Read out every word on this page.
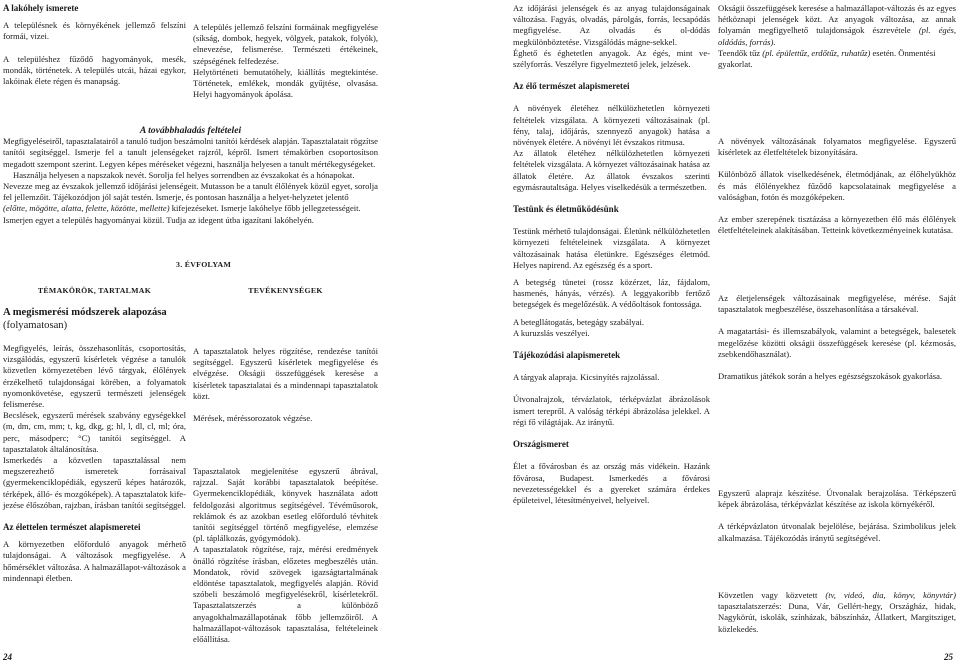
A lakóhely ismerete

A településnek és környékének jellemző felszíni formái, vizei.

A településhez fűződő hagyományok, mesék, mondák, történetek. A település utcái, házai egykor, lakóinak élete régen és manapság.

A település jellemző felszíni formáinak megfigyelése (síkság, dombok, hegyek, völgyek, patakok, folyók), elnevezése, felismerése. Természeti értékeinek, szépségének felfedezése.

Helytörténeti bemutatóhely, kiállítás megtekintése. Történetek, emlékek, mondák gyűjtése, olvasása. Helyi hagyományok ápolása.

A továbbhaladás feltételei

Megfigyeléseiről, tapasztalatairól a tanuló tudjon beszámolni tanítói kérdések alapján. Tapasztalatait rögzítse tanítói segítséggel. Ismerje fel a tanult jelenségeket rajzról, képről. Ismert témakörben csoportosítson megadott szempont szerint. Legyen képes méréseket végezni, használja helyesen a tanult mértékegységeket.

Használja helyesen a napszakok nevét. Sorolja fel helyes sorrendben az évszakokat és a hónapokat.

Nevezze meg az évszakok jellemző időjárási jelenségeit. Mutasson be a tanult élőlények közül egyet, sorolja fel jellemzőit. Tájékozódjon jól saját testén. Ismerje, és pontosan használja a helyet-helyzetet jelentő

(előtte, mögötte, alatta, felette, közötte, mellette) kifejezéseket. Ismerje lakóhelye főbb jellegzetességeit.

Ismerjen egyet a település hagyományai közül. Tudja az idegent útba igazítani lakóhelyén.

3. ÉVFOLYAM

TÉMAKÖRÖK, TARTALMAK	TEVÉKENYSÉGEK

A megismerési módszerek alapozása

(folyamatosan)

Megfigyelés, leírás, összehasonlítás, csoportosítás, vizsgálódás, egyszerű kísérletek végzése a tanulók közvetlen környezetében lévő tárgyak, élőlények érzékelhető tulajdonságai körében, a folyamatok nyomonkövetése, egyszerű természeti jelenségek felismerése.

Becslések, egyszerű mérések szabvány egységekkel (m, dm, cm, mm; t, kg, dkg, g; hl, l, dl, cl, ml; óra, perc, másodperc; °C) tanítói segítséggel. A tapasztalatok általánosítása.

Ismerkedés a közvetlen tapasztalással nem megszerezhető ismeretek forrásaival (gyermekenciklopédiák, egyszerű képes határozók, térképek, álló- és mozgóképek). A tapasztalatok kife-jezése élőszóban, rajzban, írásban tanítói segítséggel.

Az élettelen természet alapismeretei

A környezetben előforduló anyagok mérhető tulajdonságai. A változások megfigyelése. A hőmérséklet változása. A halmazállapot-változások a mindennapi életben.

A tapasztalatok helyes rögzítése, rendezése tanítói segítséggel. Egyszerű kísérletek megfigyelése és elvégzése. Okságii összefüggések keresése a kísérletek tapasztalatai és a mindennapi tapasztalatok közt.

Mérések, méréssorozatok végzése.

Tapasztalatok megjelenítése egyszerű ábrával, rajzzal. Saját korábbi tapasztalatok beépítése. Gyermekenciklopédiák, könyvek használata adott feldolgozási algoritmus segítségével. Tévéműsorok, reklámok és az azokban esetleg előforduló tévhitek tanítói segítséggel történő megfigyelése, elemzése (pl. táplálkozás, gyógymódok).

A tapasztalatok rögzítése, rajz, mérési eredmények önálló rögzítése írásban, előzetes megbeszélés után. Mondatok, rövid szövegek igazságtartalmának eldöntése tapasztalatok, megfigyelés alapján. Rövid szóbeli beszámoló megfigyelésekről, kísérletekről. Tapasztalatszerzés a különböző anyagokhalmazállapotának főbb jellemzőiről. A halmazállapot-változások tapasztalása, feltételeinek előállítása.

24

Az időjárási jelenségek és az anyag tulajdonságainak változása. Fagyás, olvadás, párolgás, forrás, lecsapódás megfigyelése. Az olvadás és ol-dódás megkülönböztetése. Vizsgálódás mágne-sekkel.

Éghető és éghetetlen anyagok. Az égés, mint ve-szélyforrás. Veszélyre figyelmeztető jelek, jelzések.

Az élő természet alapismeretei

A növények életéhez nélkülözhetetlen környezeti feltételek vizsgálata. A környezeti változásainak (pl. fény, talaj, időjárás, szennyező anyagok) hatása a növények életére. A növényi lét évszakos ritmusa.

Az állatok életéhez nélkülözhetetlen környezeti feltételek vizsgálata. A környezet változásainak hatása az állatok életére. Az állatok évszakos szerinti egymásrautaltsága. Helyes viselkedésük a természetben.

Testünk és életműködésünk

Testünk mérhető tulajdonságai. Életünk nélkülözhetetlen környezeti feltételeinek vizsgálata. A környezet változásainak hatása életünkre. Egészséges életmód. Helyes napirend. Az egészség és a sport.

A betegség tünetei (rossz közérzet, láz, fájdalom, hasmenés, hányás, vérzés). A leggyakoribb fertőző betegségek és megelőzésük. A védőoltások fontossága.

A betegllátogatás, betegágy szabályai.

A kuruzslás veszélyei.

Tájékozódási alapismeretek

A tárgyak alapraja. Kicsinyítés rajzolással.

Útvonalrajzok, térvázlatok, térképvázlat ábrázolások ismert terepről. A valóság térképi ábrázolása jelekkel. A régi fő világtájak. Az iránytű.

Országismeret

Élet a fővárosban és az ország más vidékein. Hazánk fővárosa, Budapest. Ismerkedés a fővárosi nevezetességekkel és a gyereket számára érdekes épületeivel, létesítményeivel, helyeivel.

Okságii összefüggések keresése a halmazállapot-változás és az egyes hétköznapi jelenségek közt. Az anyagok változása, az annak folyamán megfigyelhető tulajdonságok észrevétele (pl. égés, oldódás, forrás).

Teendők tűz (pl. épülettűz, erdőtűz, ruhatűz) esetén. Önmentési gyakorlat.

A növények változásának folyamatos megfigyelése. Egyszerű kísérletek az életfeltételek bizonyítására.

Különböző állatok viselkedésének, életmódjának, az élőhelyükhöz és más élőlényekhez fűződő kapcsolatainak megfigyelése a valóságban, fotón és mozgóképeken.

Az ember szerepének tisztázása a környezetben élő más élőlények életfeltételeinek alakításában. Tetteink következményeinek kutatása.

Az életjelenségek változásainak megfigyelése, mérése. Saját tapasztalatok megbeszélése, összehasonlítása a társakéval.

A magatartási- és illemszabályok, valamint a betegségek, balesetek megelőzése közötti okságii összefüggések keresése (pl. kézmosás, zsebkendőhasználat).

Dramatikus játékok során a helyes egészségszokások gyakorlása.

Egyszerű alaprajz készítése. Útvonalak berajzolása. Térképszerű képek ábrázolása, térképvázlat készítése az iskola környékéről.

A térképvázlaton útvonalak bejelölése, bejárása. Szimbolikus jelek alkalmazása. Tájékozódás iránytű segítségével.

Kövzetlen vagy közvetett (tv, videó, dia, könyv, könyvtár) tapasztalatszerzés: Duna, Vár, Gellért-hegy, Országház, hidak, Nagykörút, iskolák, színházak, bábszínház, Állatkert, Margitsziget, közlekedés.

25
